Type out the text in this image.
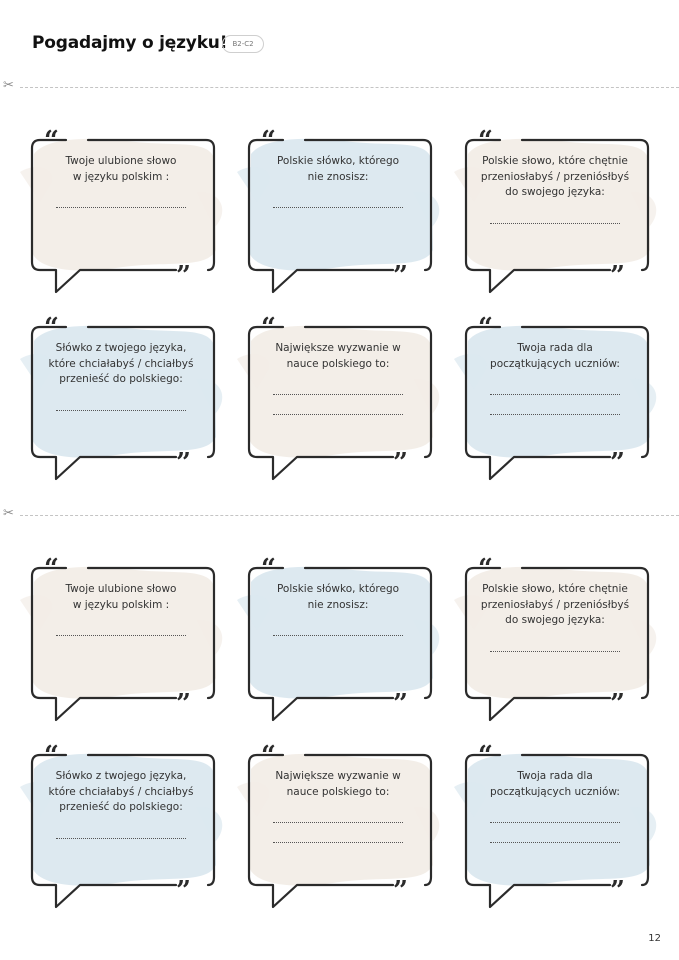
Pogadajmy o języku! B2-C2
✂
✂
“
”
Twoje ulubione słowo
w języku polskim :
“
”
Polskie słówko, którego
nie znosisz:
“
”
Polskie słowo, które chętnie
przeniosłabyś / przeniósłbyś
do swojego języka:
“
”
Słówko z twojego języka,
które chciałabyś / chciałbyś
przenieść do polskiego:
“
”
Największe wyzwanie w
nauce polskiego to:
“
”
Twoja rada dla
początkujących uczniów:
“
”
Twoje ulubione słowo
w języku polskim :
“
”
Polskie słówko, którego
nie znosisz:
“
”
Polskie słowo, które chętnie
przeniosłabyś / przeniósłbyś
do swojego języka:
“
”
Słówko z twojego języka,
które chciałabyś / chciałbyś
przenieść do polskiego:
“
”
Największe wyzwanie w
nauce polskiego to:
“
”
Twoja rada dla
początkujących uczniów:
12
